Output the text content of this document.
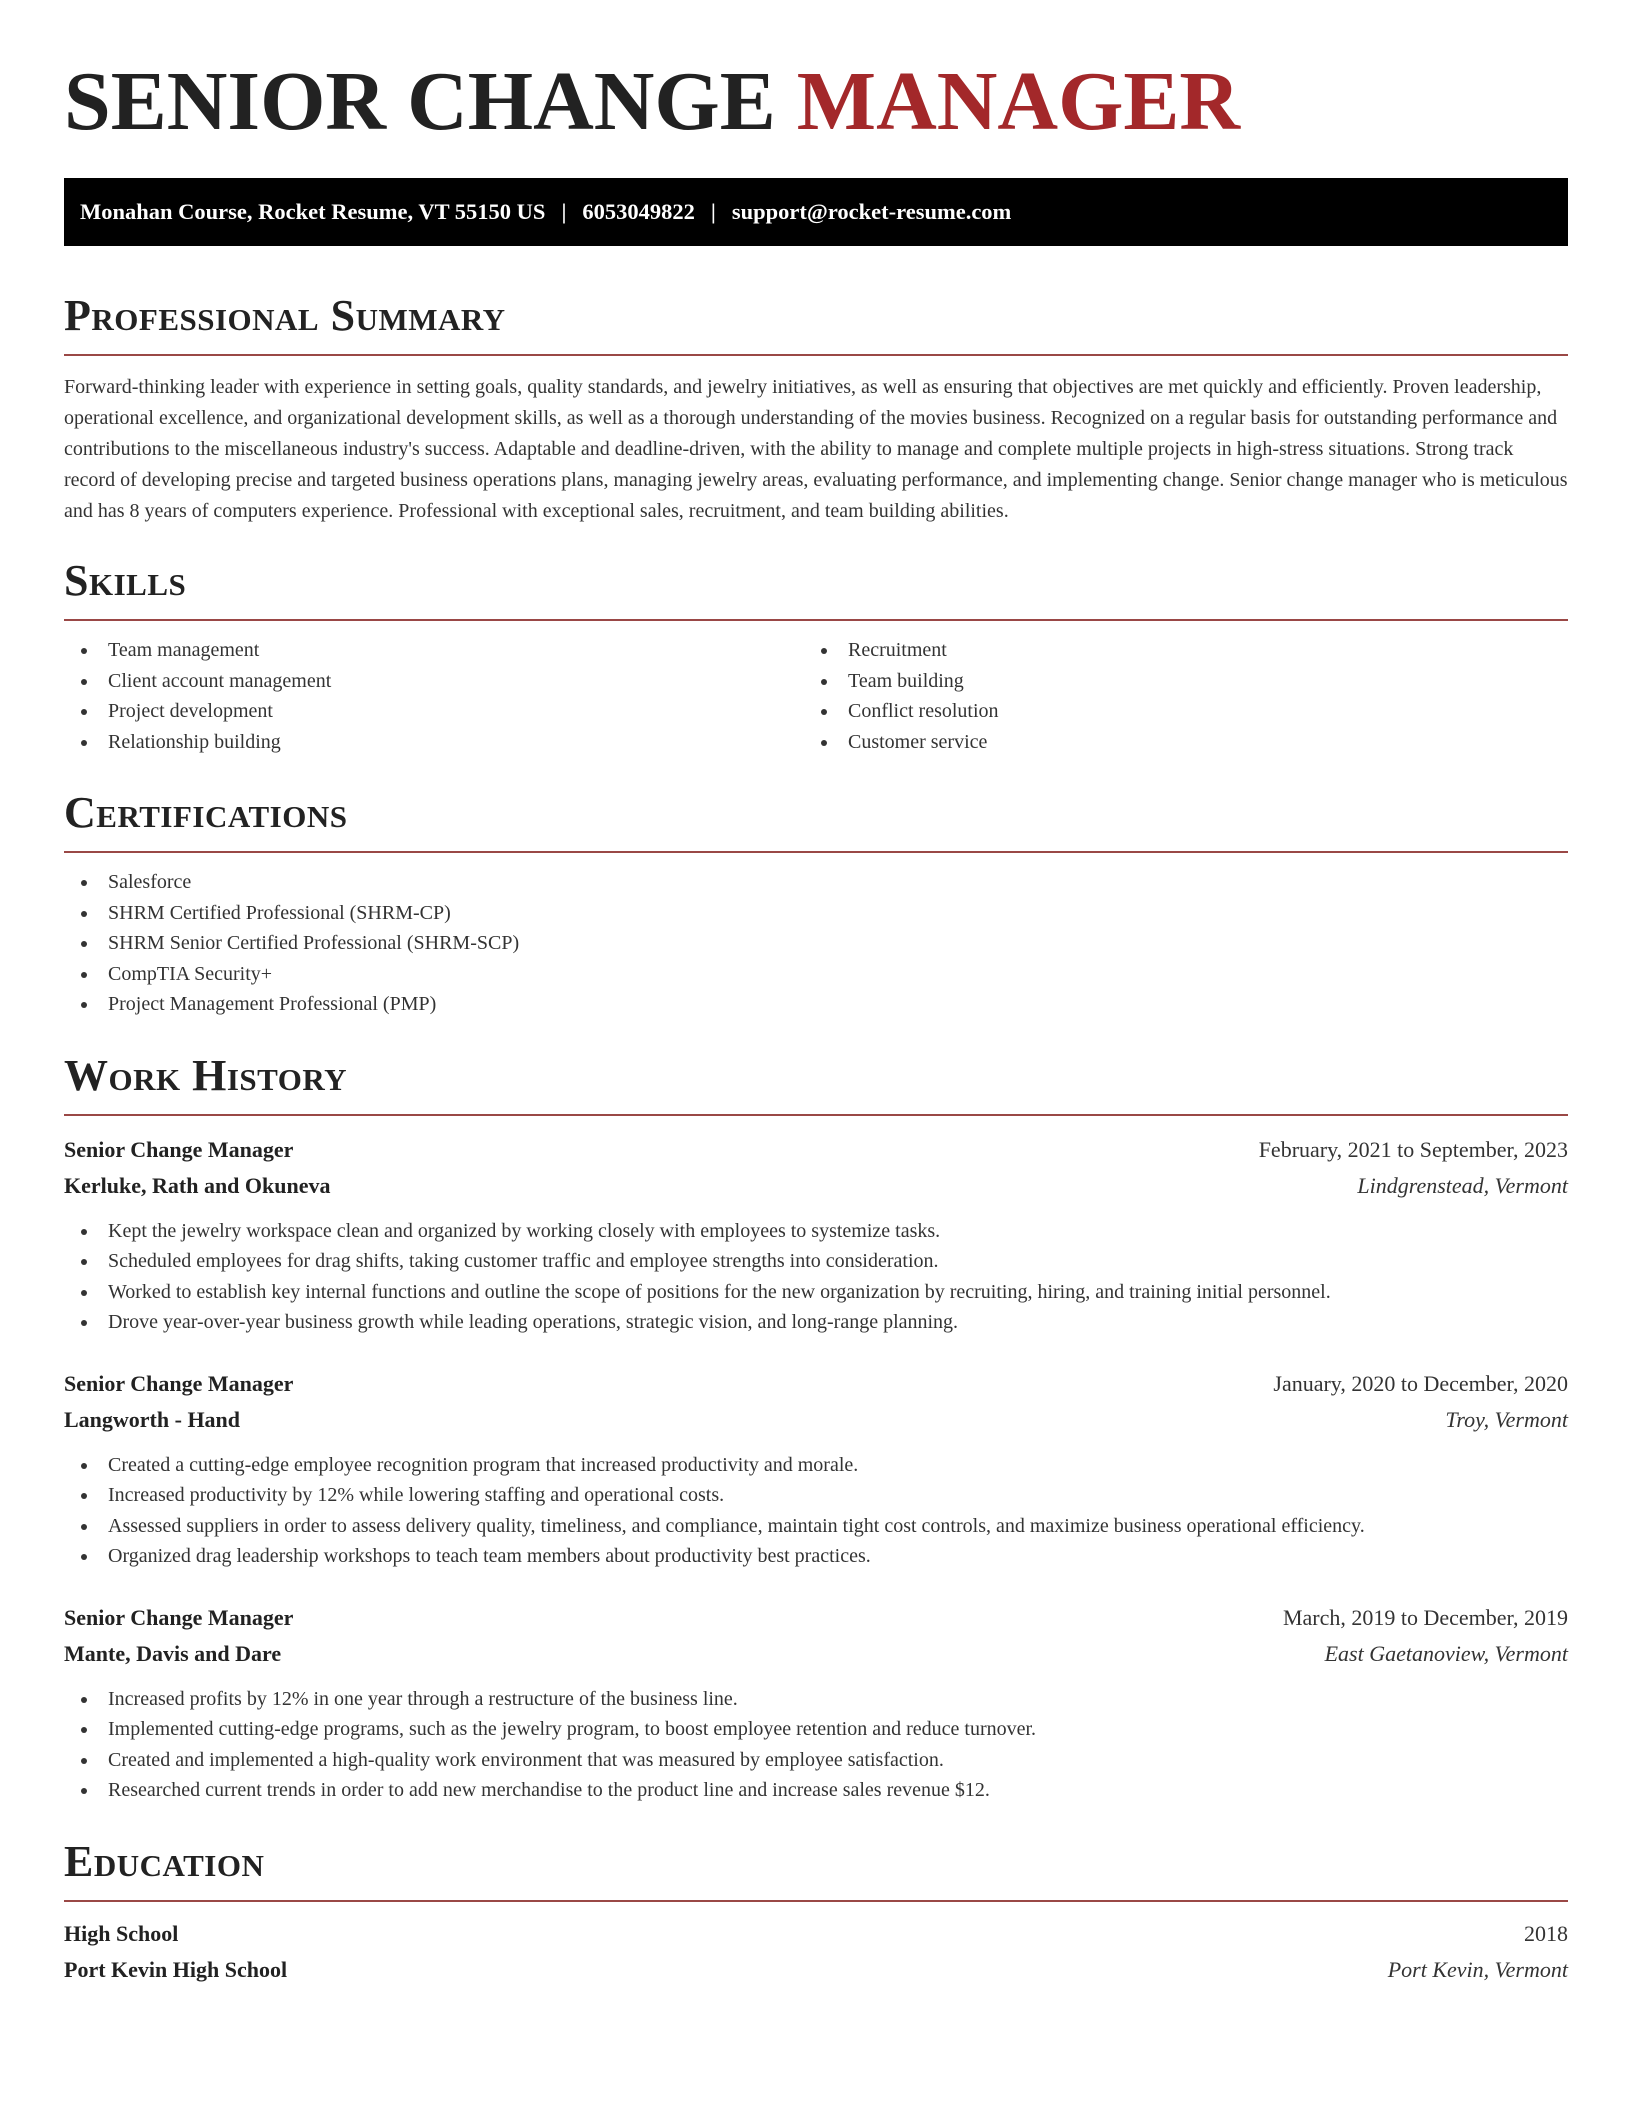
SENIOR CHANGE MANAGER
Monahan Course, Rocket Resume, VT 55150 US | 6053049822 | support@rocket-resume.com
Professional Summary

Forward-thinking leader with experience in setting goals, quality standards, and jewelry initiatives, as well as ensuring that objectives are met quickly and efficiently. Proven leadership, operational excellence, and organizational development skills, as well as a thorough understanding of the movies business. Recognized on a regular basis for outstanding performance and contributions to the miscellaneous industry's success. Adaptable and deadline-driven, with the ability to manage and complete multiple projects in high-stress situations. Strong track record of developing precise and targeted business operations plans, managing jewelry areas, evaluating performance, and implementing change. Senior change manager who is meticulous and has 8 years of computers experience. Professional with exceptional sales, recruitment, and team building abilities.

Skills
Team management
Client account management
Project development
Relationship building
Recruitment
Team building
Conflict resolution
Customer service
Certifications
Salesforce
SHRM Certified Professional (SHRM-CP)
SHRM Senior Certified Professional (SHRM-SCP)
CompTIA Security+
Project Management Professional (PMP)
Work History
Senior Change Manager	February, 2021 to September, 2023
Kerluke, Rath and Okuneva	Lindgrenstead, Vermont
Kept the jewelry workspace clean and organized by working closely with employees to systemize tasks.
Scheduled employees for drag shifts, taking customer traffic and employee strengths into consideration.
Worked to establish key internal functions and outline the scope of positions for the new organization by recruiting, hiring, and training initial personnel.
Drove year-over-year business growth while leading operations, strategic vision, and long-range planning.
Senior Change Manager	January, 2020 to December, 2020
Langworth - Hand	Troy, Vermont
Created a cutting-edge employee recognition program that increased productivity and morale.
Increased productivity by 12% while lowering staffing and operational costs.
Assessed suppliers in order to assess delivery quality, timeliness, and compliance, maintain tight cost controls, and maximize business operational efficiency.
Organized drag leadership workshops to teach team members about productivity best practices.
Senior Change Manager	March, 2019 to December, 2019
Mante, Davis and Dare	East Gaetanoview, Vermont
Increased profits by 12% in one year through a restructure of the business line.
Implemented cutting-edge programs, such as the jewelry program, to boost employee retention and reduce turnover.
Created and implemented a high-quality work environment that was measured by employee satisfaction.
Researched current trends in order to add new merchandise to the product line and increase sales revenue $12.
Education
High School	2018
Port Kevin High School	Port Kevin, Vermont
